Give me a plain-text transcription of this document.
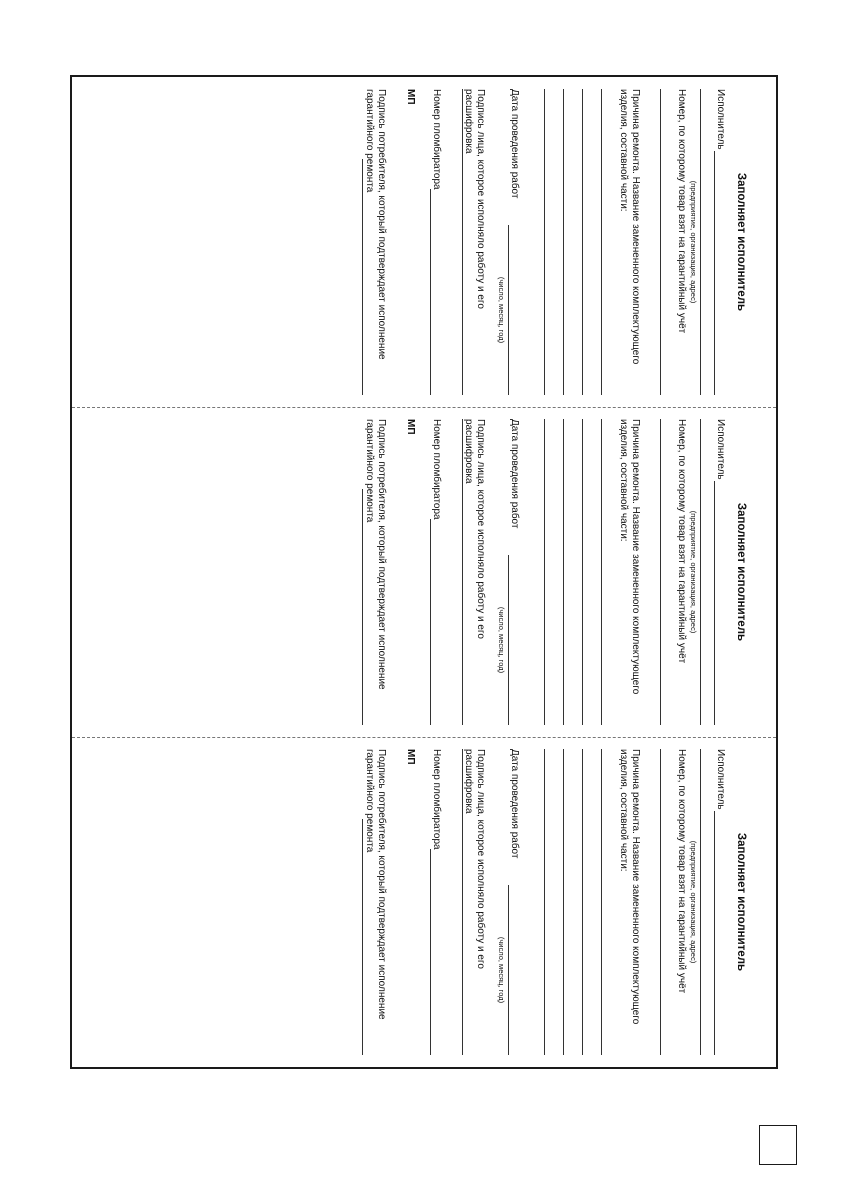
Заполняет исполнитель
Исполнитель
(предприятие, организация, адрес)
Номер, по которому товар взят на гарантийный учёт
Причина ремонта. Название замененного комплектующего изделия, составной части:
Дата проведения работ
(число, месяц, год)
Подпись лица, которое исполняло работу и его расшифровка
Номер пломбиратора
МП
Подпись потребителя, который подтверждает исполнение гарантийного ремонта
Заполняет исполнитель
Исполнитель
(предприятие, организация, адрес)
Номер, по которому товар взят на гарантийный учёт
Причина ремонта. Название замененного комплектующего изделия, составной части:
Дата проведения работ
(число, месяц, год)
Подпись лица, которое исполняло работу и его расшифровка
Номер пломбиратора
МП
Подпись потребителя, который подтверждает исполнение гарантийного ремонта
Заполняет исполнитель
Исполнитель
(предприятие, организация, адрес)
Номер, по которому товар взят на гарантийный учёт
Причина ремонта. Название замененного комплектующего изделия, составной части:
Дата проведения работ
(число, месяц, год)
Подпись лица, которое исполняло работу и его расшифровка
Номер пломбиратора
МП
Подпись потребителя, который подтверждает исполнение гарантийного ремонта
